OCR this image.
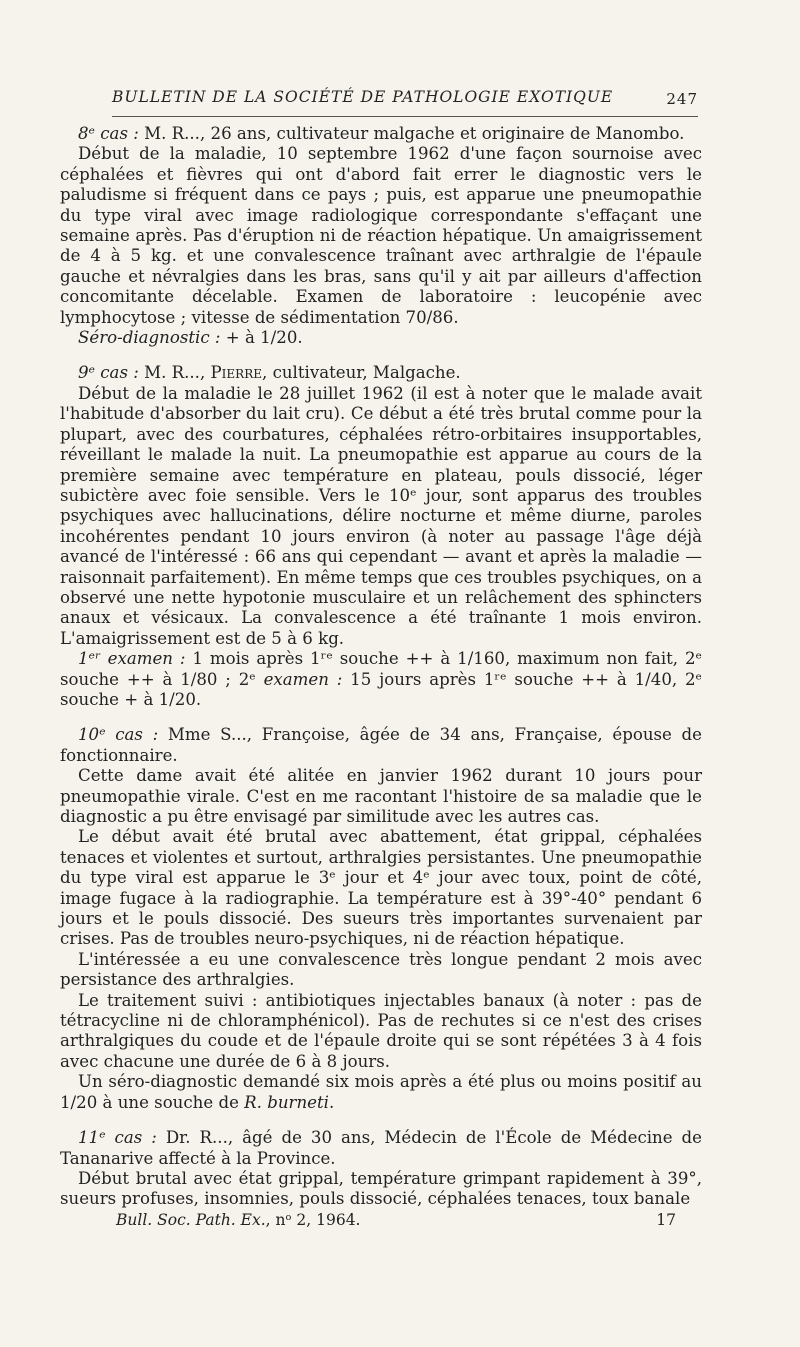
BULLETIN DE LA SOCIÉTÉ DE PATHOLOGIE EXOTIQUE	247

8ᵉ cas : M. R..., 26 ans, cultivateur malgache et originaire de Manombo.

Début de la maladie, 10 septembre 1962 d'une façon sournoise avec céphalées et fièvres qui ont d'abord fait errer le diagnostic vers le paludisme si fréquent dans ce pays ; puis, est apparue une pneumopathie du type viral avec image radiologique correspondante s'effaçant une semaine après. Pas d'éruption ni de réaction hépatique. Un amaigrissement de 4 à 5 kg. et une convalescence traînant avec arthralgie de l'épaule gauche et névralgies dans les bras, sans qu'il y ait par ailleurs d'affection concomitante décelable. Examen de laboratoire : leucopénie avec lymphocytose ; vitesse de sédimentation 70/86.

Séro-diagnostic : + à 1/20.

9ᵉ cas : M. R..., Pierre, cultivateur, Malgache.

Début de la maladie le 28 juillet 1962 (il est à noter que le malade avait l'habitude d'absorber du lait cru). Ce début a été très brutal comme pour la plupart, avec des courbatures, céphalées rétro-orbitaires insupportables, réveillant le malade la nuit. La pneumopathie est apparue au cours de la première semaine avec température en plateau, pouls dissocié, léger subictère avec foie sensible. Vers le 10ᵉ jour, sont apparus des troubles psychiques avec hallucinations, délire nocturne et même diurne, paroles incohérentes pendant 10 jours environ (à noter au passage l'âge déjà avancé de l'intéressé : 66 ans qui cependant — avant et après la maladie — raisonnait parfaitement). En même temps que ces troubles psychiques, on a observé une nette hypotonie musculaire et un relâchement des sphincters anaux et vésicaux. La convalescence a été traînante 1 mois environ. L'amaigrissement est de 5 à 6 kg.

1ᵉʳ examen : 1 mois après 1ʳᵉ souche ++ à 1/160, maximum non fait, 2ᵉ souche ++ à 1/80 ; 2ᵉ examen : 15 jours après 1ʳᵉ souche ++ à 1/40, 2ᵉ souche + à 1/20.

10ᵉ cas : Mme S..., Françoise, âgée de 34 ans, Française, épouse de fonctionnaire.

Cette dame avait été alitée en janvier 1962 durant 10 jours pour pneumopathie virale. C'est en me racontant l'histoire de sa maladie que le diagnostic a pu être envisagé par similitude avec les autres cas.

Le début avait été brutal avec abattement, état grippal, céphalées tenaces et violentes et surtout, arthralgies persistantes. Une pneumopathie du type viral est apparue le 3ᵉ jour et 4ᵉ jour avec toux, point de côté, image fugace à la radiographie. La température est à 39°-40° pendant 6 jours et le pouls dissocié. Des sueurs très importantes survenaient par crises. Pas de troubles neuro-psychiques, ni de réaction hépatique.

L'intéressée a eu une convalescence très longue pendant 2 mois avec persistance des arthralgies.

Le traitement suivi : antibiotiques injectables banaux (à noter : pas de tétracycline ni de chloramphénicol). Pas de rechutes si ce n'est des crises arthralgiques du coude et de l'épaule droite qui se sont répétées 3 à 4 fois avec chacune une durée de 6 à 8 jours.

Un séro-diagnostic demandé six mois après a été plus ou moins positif au 1/20 à une souche de R. burneti.

11ᵉ cas : Dr. R..., âgé de 30 ans, Médecin de l'École de Médecine de Tananarive affecté à la Province.

Début brutal avec état grippal, température grimpant rapidement à 39°, sueurs profuses, insomnies, pouls dissocié, céphalées tenaces, toux banale

Bull. Soc. Path. Ex., nᵒ 2, 1964.	17
